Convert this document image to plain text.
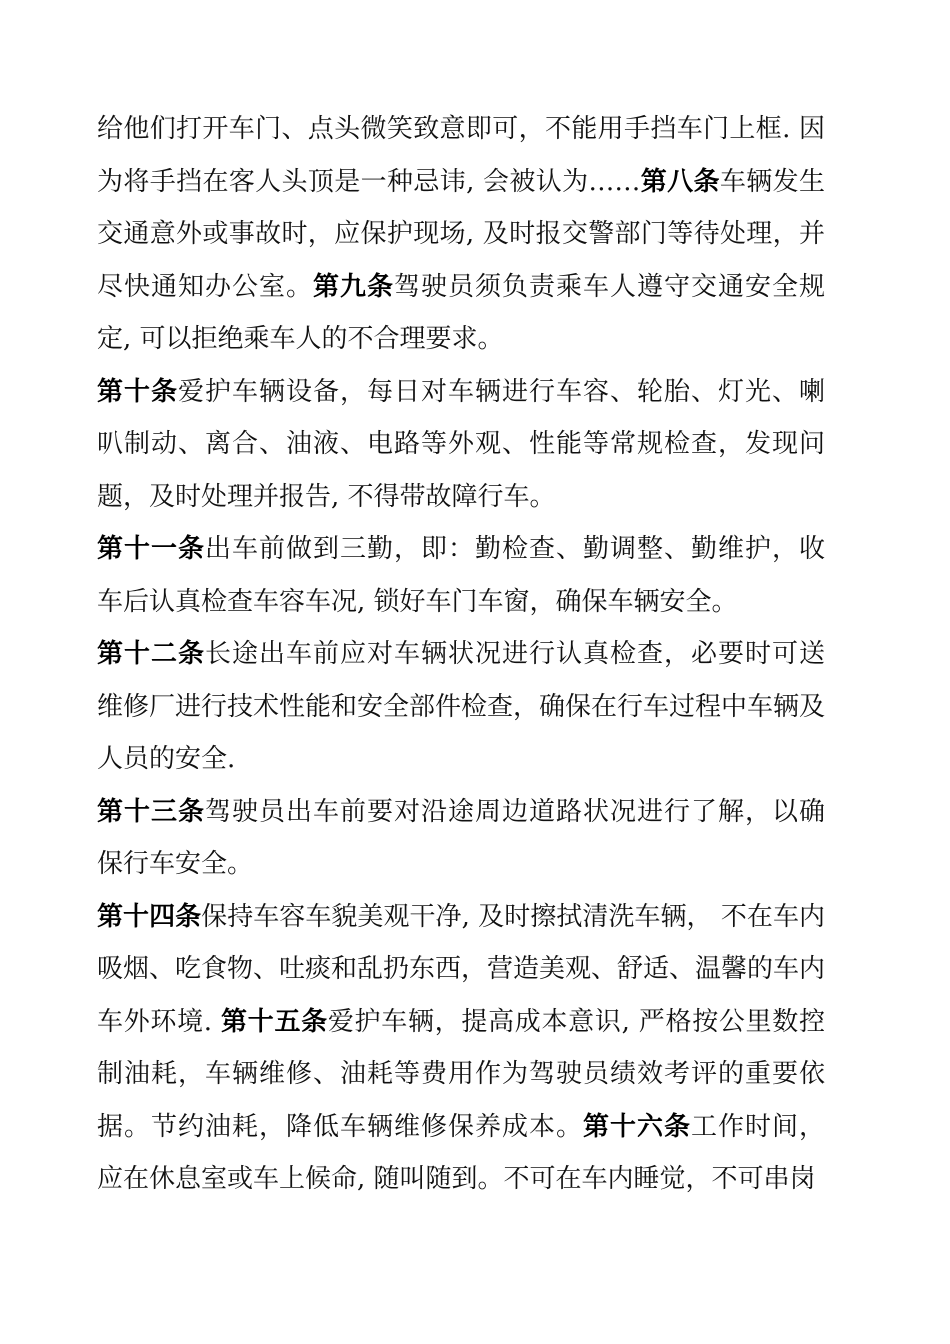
给他们打开车门、点头微笑致意即可，不能用手挡车门上框. 因为将手挡在客人头顶是一种忌讳, 会被认为……第八条车辆发生交通意外或事故时，应保护现场, 及时报交警部门等待处理，并尽快通知办公室。第九条驾驶员须负责乘车人遵守交通安全规定, 可以拒绝乘车人的不合理要求。

第十条爱护车辆设备，每日对车辆进行车容、轮胎、灯光、喇叭制动、离合、油液、电路等外观、性能等常规检查，发现问题，及时处理并报告, 不得带故障行车。

第十一条出车前做到三勤，即：勤检查、勤调整、勤维护，收车后认真检查车容车况, 锁好车门车窗，确保车辆安全。

第十二条长途出车前应对车辆状况进行认真检查，必要时可送维修厂进行技术性能和安全部件检查，确保在行车过程中车辆及人员的安全.

第十三条驾驶员出车前要对沿途周边道路状况进行了解，以确保行车安全。

第十四条保持车容车貌美观干净, 及时擦拭清洗车辆， 不在车内吸烟、吃食物、吐痰和乱扔东西，营造美观、舒适、温馨的车内车外环境. 第十五条爱护车辆，提高成本意识, 严格按公里数控制油耗，车辆维修、油耗等费用作为驾驶员绩效考评的重要依据。节约油耗，降低车辆维修保养成本。第十六条工作时间，应在休息室或车上候命, 随叫随到。不可在车内睡觉，不可串岗
